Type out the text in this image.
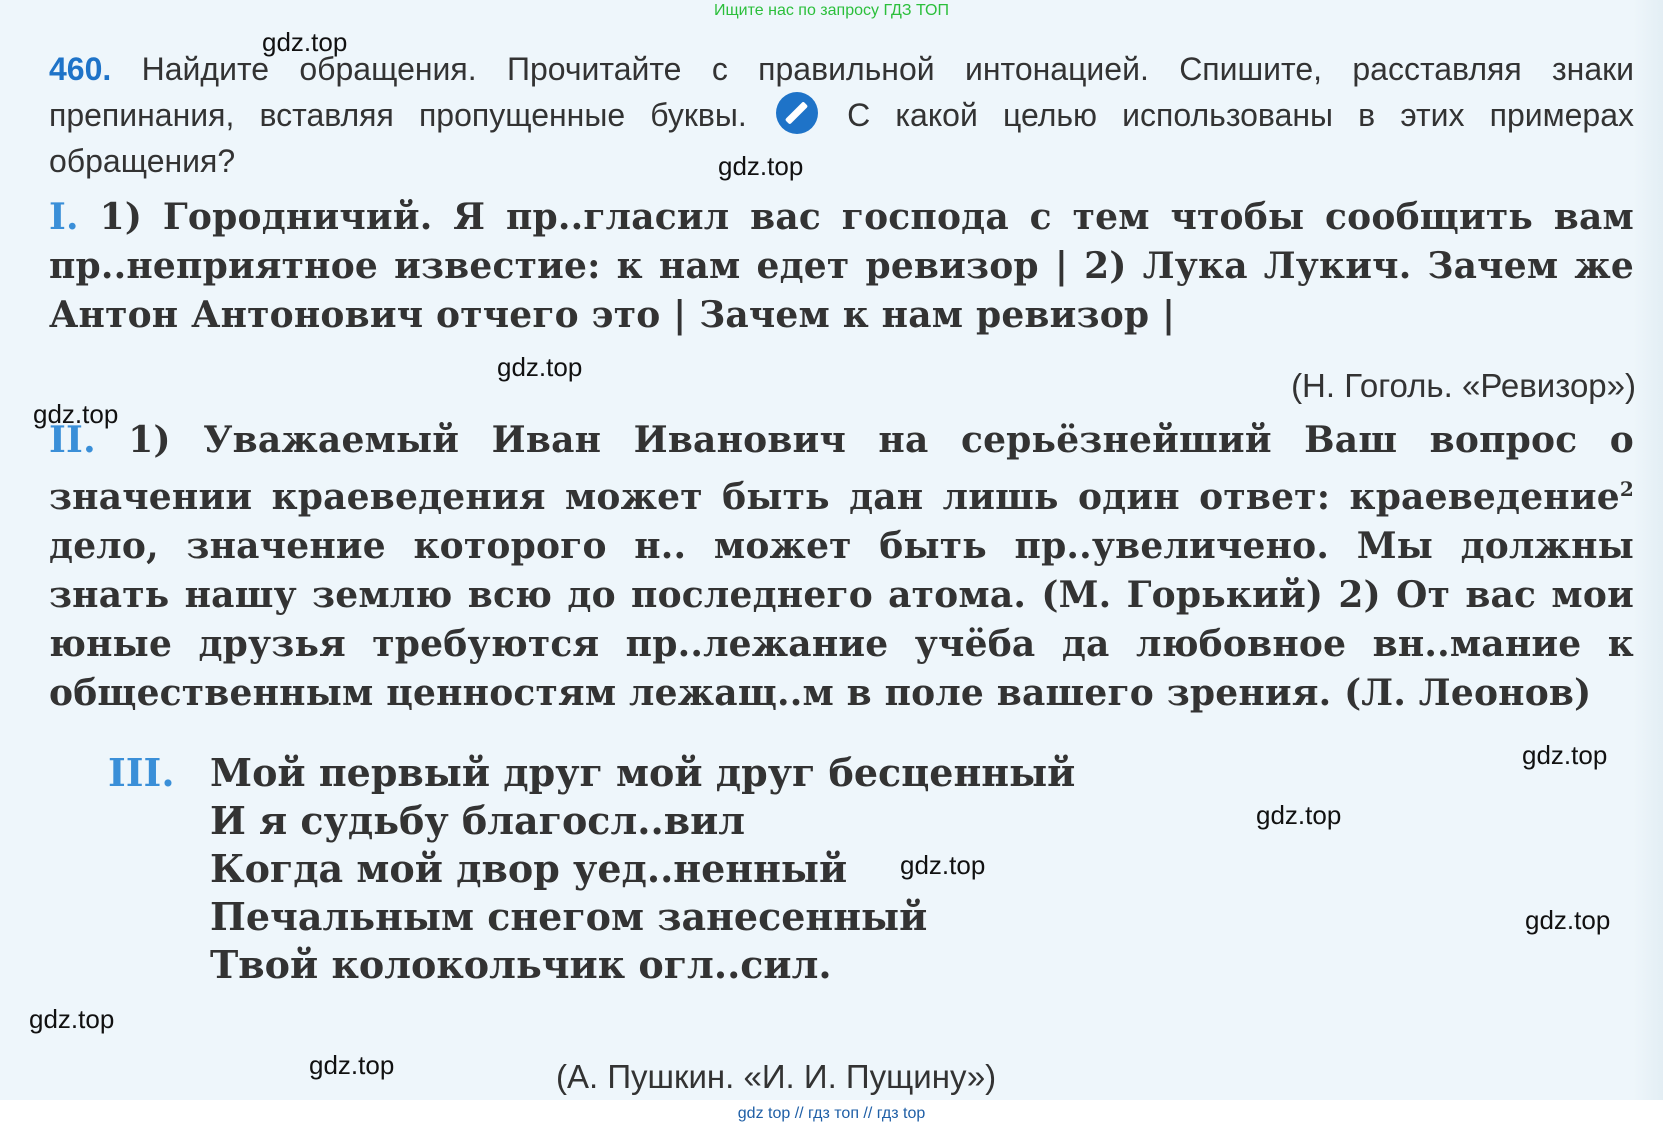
Ищите нас по запросу ГДЗ ТОП
460. Найдите обращения. Прочитайте с правильной интонацией. Спишите, расставляя знаки препинания, вставляя пропущенные буквы.	С какой целью использованы в этих примерах обращения?
I. 1) Городничий. Я пр..гласил вас господа с тем чтобы сообщить вам пр..неприятное известие: к нам едет ревизор | 2) Лука Лукич. Зачем же Антон Антонович отчего это | Зачем к нам ревизор |
(Н. Гоголь. «Ревизор»)
II. 1) Уважаемый Иван Иванович на серьёзнейший Ваш вопрос о значении краеведения может быть дан лишь один ответ: краеведение$^2$ дело, значение которого н.. может быть пр..увеличено. Мы должны знать нашу землю всю до последнего атома. (М. Горький) 2) От вас мои юные друзья требуются пр..лежание учёба да любовное вн..мание к общественным ценностям лежащ..м в поле вашего зрения. (Л. Леонов)
III. Мой первый друг мой друг бесценный
И я судьбу благосл..вил
Когда мой двор уед..ненный
Печальным снегом занесенный
Твой колокольчик огл..сил.
(А. Пушкин. «И. И. Пущину»)
gdz.top
gdz.top
gdz.top
gdz.top
gdz.top
gdz.top
gdz.top
gdz.top
gdz.top
gdz.top
gdz top // гдз топ // гдз top
